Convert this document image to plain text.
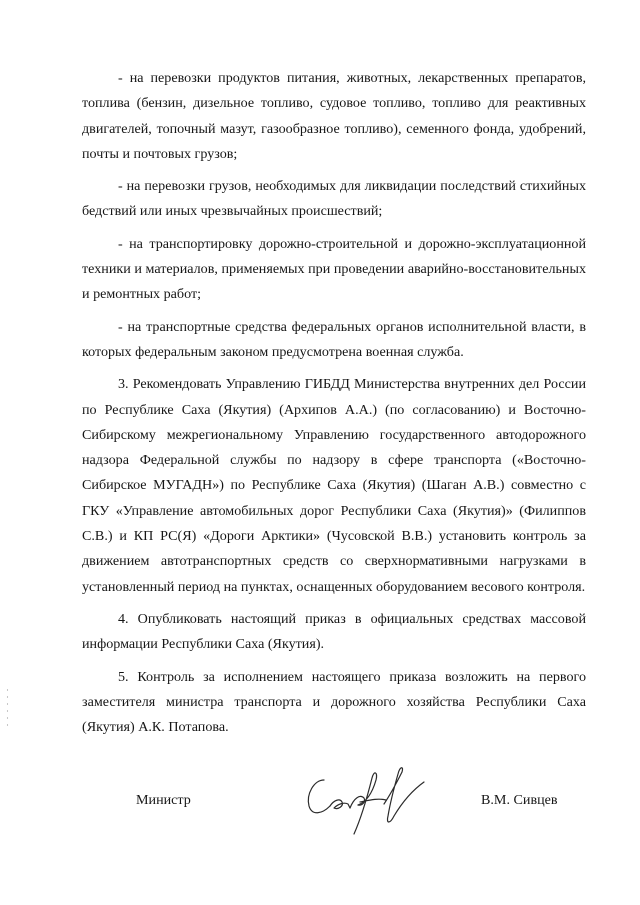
- на перевозки продуктов питания, животных, лекарственных препаратов, топлива (бензин, дизельное топливо, судовое топливо, топливо для реактивных двигателей, топочный мазут, газообразное топливо), семенного фонда, удобрений, почты и почтовых грузов;

- на перевозки грузов, необходимых для ликвидации последствий стихийных бедствий или иных чрезвычайных происшествий;

- на транспортировку дорожно-строительной и дорожно-эксплуатационной техники и материалов, применяемых при проведении аварийно-восстановительных и ремонтных работ;

- на транспортные средства федеральных органов исполнительной власти, в которых федеральным законом предусмотрена военная служба.

3. Рекомендовать Управлению ГИБДД Министерства внутренних дел России по Республике Саха (Якутия) (Архипов А.А.) (по согласованию) и Восточно-Сибирскому межрегиональному Управлению государственного автодорожного надзора Федеральной службы по надзору в сфере транспорта («Восточно-Сибирское МУГАДН») по Республике Саха (Якутия) (Шаган А.В.) совместно с ГКУ «Управление автомобильных дорог Республики Саха (Якутия)» (Филиппов С.В.) и КП РС(Я) «Дороги Арктики» (Чусовской В.В.) установить контроль за движением автотранспортных средств со сверхнормативными нагрузками в установленный период на пунктах, оснащенных оборудованием весового контроля.

4. Опубликовать настоящий приказ в официальных средствах массовой информации Республики Саха (Якутия).

5. Контроль за исполнением настоящего приказа возложить на первого заместителя министра транспорта и дорожного хозяйства Республики Саха (Якутия) А.К. Потапова.

Министр	В.М. Сивцев
